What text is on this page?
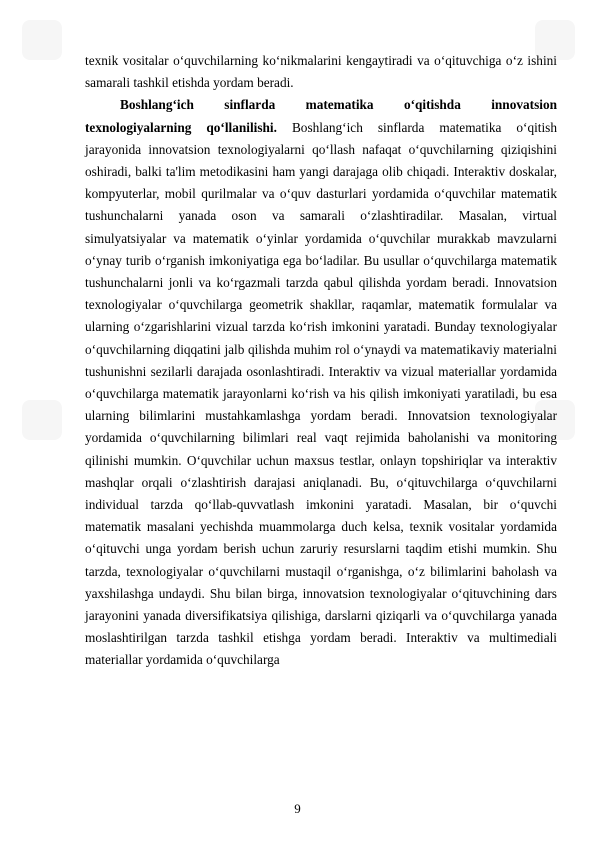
texnik vositalar o‘quvchilarning ko‘nikmalarini kengaytiradi va o‘qituvchiga o‘z ishini samarali tashkil etishda yordam beradi.

Boshlang‘ich sinflarda matematika o‘qitishda innovatsion texnologiyalarning qo‘llanilishi. Boshlang‘ich sinflarda matematika o‘qitish jarayonida innovatsion texnologiyalarni qo‘llash nafaqat o‘quvchilarning qiziqishini oshiradi, balki ta'lim metodikasini ham yangi darajaga olib chiqadi. Interaktiv doskalar, kompyuterlar, mobil qurilmalar va o‘quv dasturlari yordamida o‘quvchilar matematik tushunchalarni yanada oson va samarali o‘zlashtiradilar. Masalan, virtual simulyatsiyalar va matematik o‘yinlar yordamida o‘quvchilar murakkab mavzularni o‘ynay turib o‘rganish imkoniyatiga ega bo‘ladilar. Bu usullar o‘quvchilarga matematik tushunchalarni jonli va ko‘rgazmali tarzda qabul qilishda yordam beradi. Innovatsion texnologiyalar o‘quvchilarga geometrik shakllar, raqamlar, matematik formulalar va ularning o‘zgarishlarini vizual tarzda ko‘rish imkonini yaratadi. Bunday texnologiyalar o‘quvchilarning diqqatini jalb qilishda muhim rol o‘ynaydi va matematikaviy materialni tushunishni sezilarli darajada osonlashtiradi. Interaktiv va vizual materiallar yordamida o‘quvchilarga matematik jarayonlarni ko‘rish va his qilish imkoniyati yaratiladi, bu esa ularning bilimlarini mustahkamlashga yordam beradi. Innovatsion texnologiyalar yordamida o‘quvchilarning bilimlari real vaqt rejimida baholanishi va monitoring qilinishi mumkin. O‘quvchilar uchun maxsus testlar, onlayn topshiriqlar va interaktiv mashqlar orqali o‘zlashtirish darajasi aniqlanadi. Bu, o‘qituvchilarga o‘quvchilarni individual tarzda qo‘llab-quvvatlash imkonini yaratadi. Masalan, bir o‘quvchi matematik masalani yechishda muammolarga duch kelsa, texnik vositalar yordamida o‘qituvchi unga yordam berish uchun zaruriy resurslarni taqdim etishi mumkin. Shu tarzda, texnologiyalar o‘quvchilarni mustaqil o‘rganishga, o‘z bilimlarini baholash va yaxshilashga undaydi. Shu bilan birga, innovatsion texnologiyalar o‘qituvchining dars jarayonini yanada diversifikatsiya qilishiga, darslarni qiziqarli va o‘quvchilarga yanada moslashtirilgan tarzda tashkil etishga yordam beradi. Interaktiv va multimediali materiallar yordamida o‘quvchilarga

9
